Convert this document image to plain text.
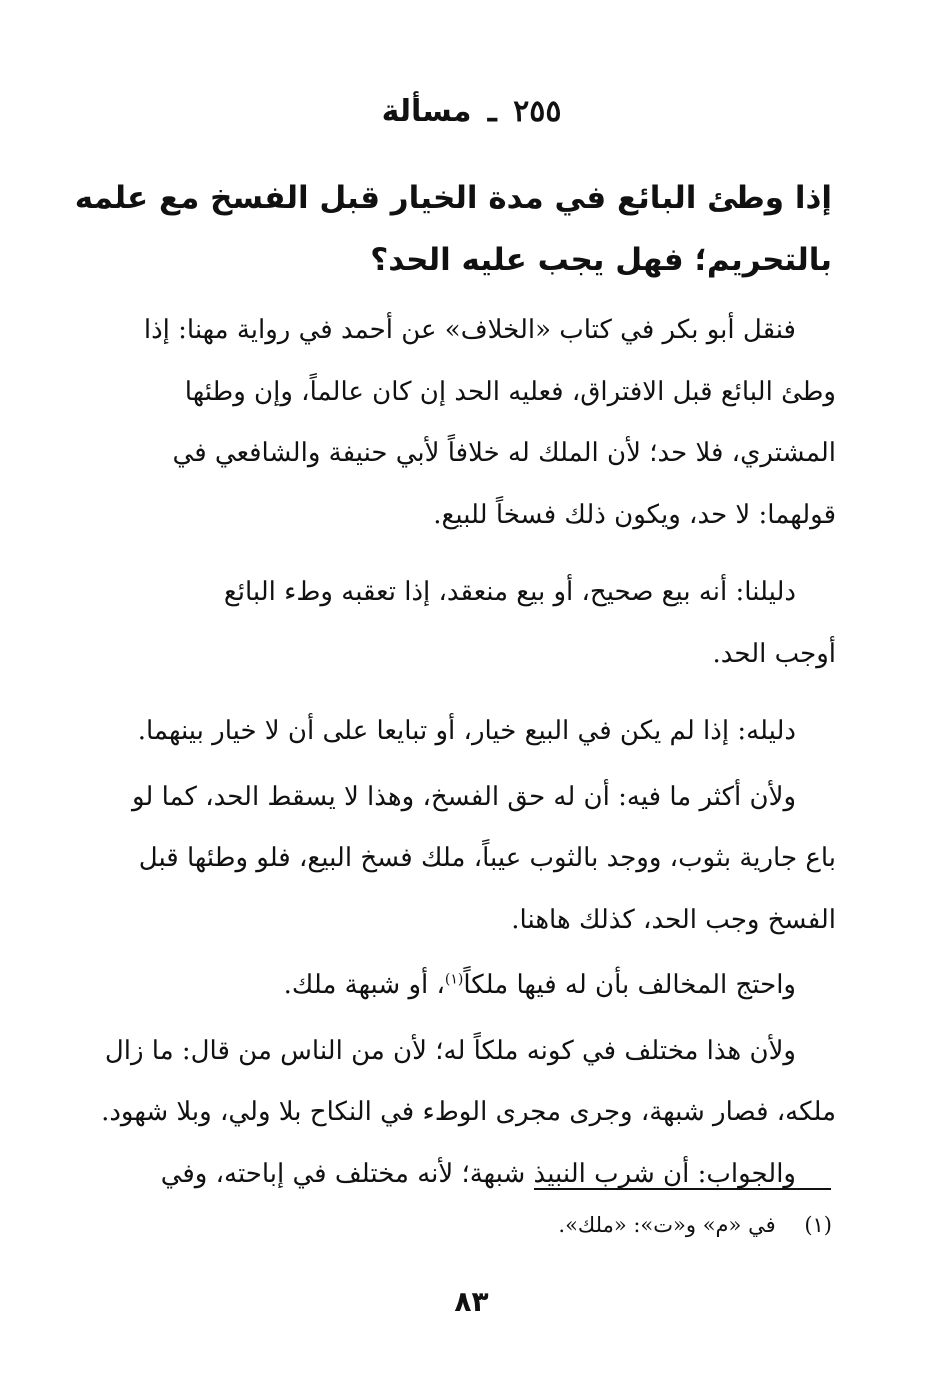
٢٥٥ ـ مسألة
إذا وطئ البائع في مدة الخيار قبل الفسخ مع علمه
بالتحريم؛ فهل يجب عليه الحد؟
فنقل أبو بكر في كتاب «الخلاف» عن أحمد في رواية مهنا: إذا
وطئ البائع قبل الافتراق، فعليه الحد إن كان عالماً، وإن وطئها
المشتري، فلا حد؛ لأن الملك له خلافاً لأبي حنيفة والشافعي في
قولهما: لا حد، ويكون ذلك فسخاً للبيع.
دليلنا: أنه بيع صحيح، أو بيع منعقد، إذا تعقبه وطء البائع
أوجب الحد.
دليله: إذا لم يكن في البيع خيار، أو تبايعا على أن لا خيار بينهما.
ولأن أكثر ما فيه: أن له حق الفسخ، وهذا لا يسقط الحد، كما لو
باع جارية بثوب، ووجد بالثوب عيباً، ملك فسخ البيع، فلو وطئها قبل
الفسخ وجب الحد، كذلك هاهنا.
واحتج المخالف بأن له فيها ملكاً$^{(١)}$، أو شبهة ملك.
ولأن هذا مختلف في كونه ملكاً له؛ لأن من الناس من قال: ما زال
ملكه، فصار شبهة، وجرى مجرى الوطء في النكاح بلا ولي، وبلا شهود.
والجواب: أن شرب النبيذ شبهة؛ لأنه مختلف في إباحته، وفي
(١) في «م» و«ت»: «ملك».
٨٣
